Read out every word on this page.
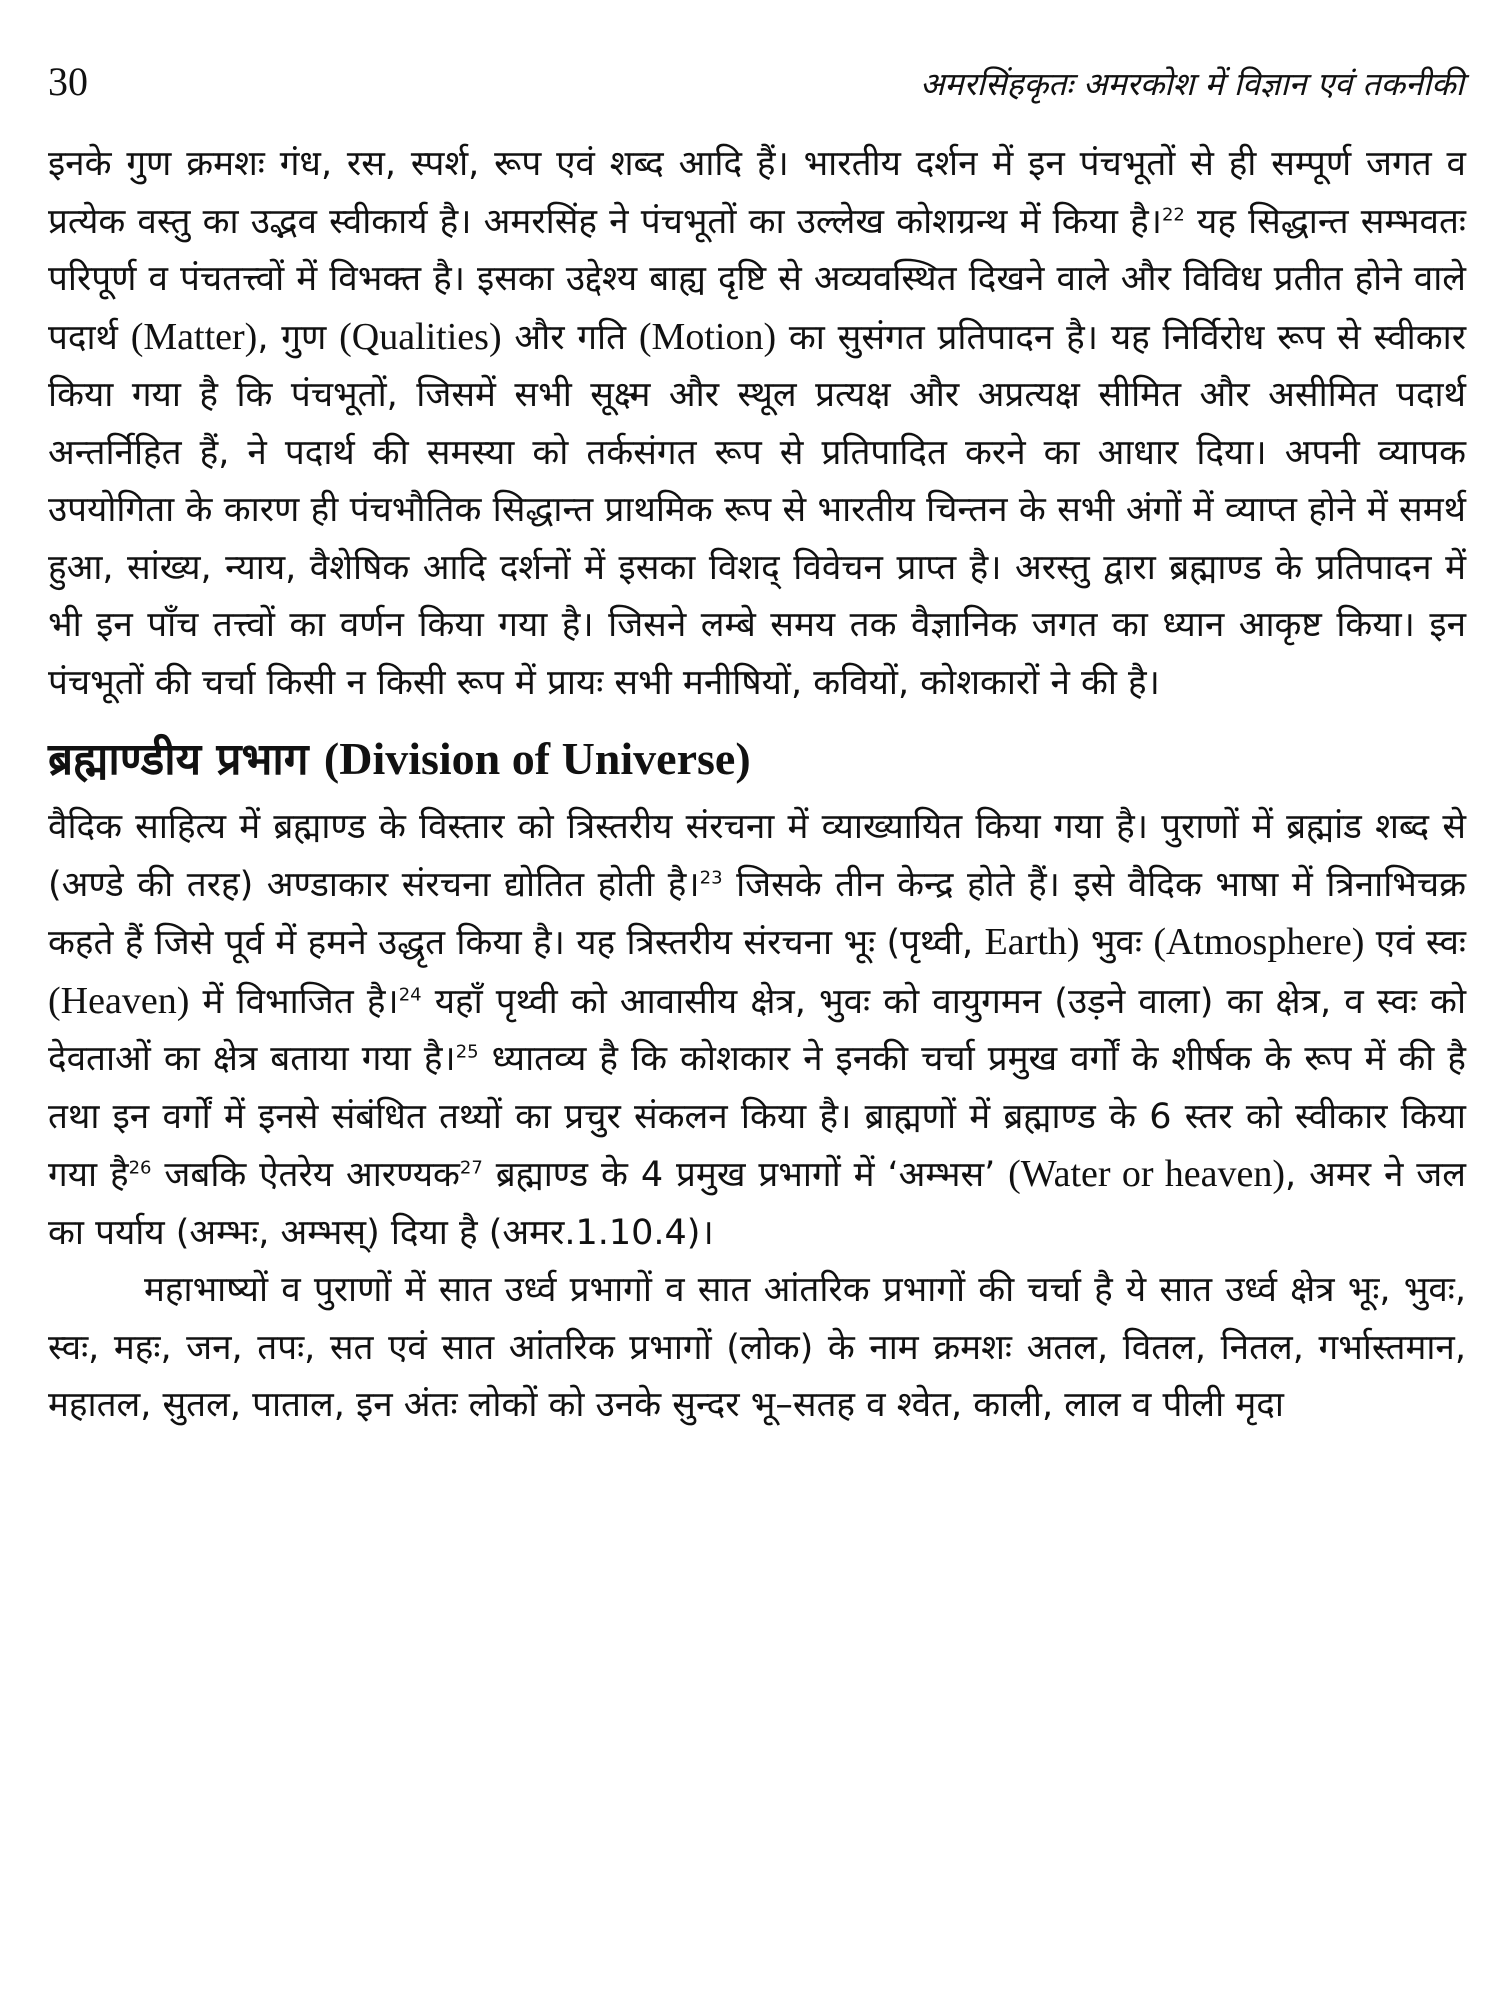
30	अमरसिंहकृतः अमरकोश में विज्ञान एवं तकनीकी

इनके गुण क्रमशः गंध, रस, स्पर्श, रूप एवं शब्द आदि हैं। भारतीय दर्शन में इन पंचभूतों से ही सम्पूर्ण जगत व प्रत्येक वस्तु का उद्भव स्वीकार्य है। अमरसिंह ने पंचभूतों का उल्लेख कोशग्रन्थ में किया है।$^{22}$ यह सिद्धान्त सम्भवतः परिपूर्ण व पंचतत्त्वों में विभक्त है। इसका उद्देश्य बाह्य दृष्टि से अव्यवस्थित दिखने वाले और विविध प्रतीत होने वाले पदार्थ (Matter), गुण (Qualities) और गति (Motion) का सुसंगत प्रतिपादन है। यह निर्विरोध रूप से स्वीकार किया गया है कि पंचभूतों, जिसमें सभी सूक्ष्म और स्थूल प्रत्यक्ष और अप्रत्यक्ष सीमित और असीमित पदार्थ अन्तर्निहित हैं, ने पदार्थ की समस्या को तर्कसंगत रूप से प्रतिपादित करने का आधार दिया। अपनी व्यापक उपयोगिता के कारण ही पंचभौतिक सिद्धान्त प्राथमिक रूप से भारतीय चिन्तन के सभी अंगों में व्याप्त होने में समर्थ हुआ, सांख्य, न्याय, वैशेषिक आदि दर्शनों में इसका विशद् विवेचन प्राप्त है। अरस्तु द्वारा ब्रह्माण्ड के प्रतिपादन में भी इन पाँच तत्त्वों का वर्णन किया गया है। जिसने लम्बे समय तक वैज्ञानिक जगत का ध्यान आकृष्ट किया। इन पंचभूतों की चर्चा किसी न किसी रूप में प्रायः सभी मनीषियों, कवियों, कोशकारों ने की है।

ब्रह्माण्डीय प्रभाग (Division of Universe)

वैदिक साहित्य में ब्रह्माण्ड के विस्तार को त्रिस्तरीय संरचना में व्याख्यायित किया गया है। पुराणों में ब्रह्मांड शब्द से (अण्डे की तरह) अण्डाकार संरचना द्योतित होती है।$^{23}$ जिसके तीन केन्द्र होते हैं। इसे वैदिक भाषा में त्रिनाभिचक्र कहते हैं जिसे पूर्व में हमने उद्धृत किया है। यह त्रिस्तरीय संरचना भूः (पृथ्वी, Earth) भुवः (Atmosphere) एवं स्वः (Heaven) में विभाजित है।$^{24}$ यहाँ पृथ्वी को आवासीय क्षेत्र, भुवः को वायुगमन (उड़ने वाला) का क्षेत्र, व स्वः को देवताओं का क्षेत्र बताया गया है।$^{25}$ ध्यातव्य है कि कोशकार ने इनकी चर्चा प्रमुख वर्गों के शीर्षक के रूप में की है तथा इन वर्गों में इनसे संबंधित तथ्यों का प्रचुर संकलन किया है। ब्राह्मणों में ब्रह्माण्ड के 6 स्तर को स्वीकार किया गया है$^{26}$ जबकि ऐतरेय आरण्यक$^{27}$ ब्रह्माण्ड के 4 प्रमुख प्रभागों में ‘अम्भस’ (Water or heaven), अमर ने जल का पर्याय (अम्भः, अम्भस्) दिया है (अमर.1.10.4)।

महाभाष्यों व पुराणों में सात उर्ध्व प्रभागों व सात आंतरिक प्रभागों की चर्चा है ये सात उर्ध्व क्षेत्र भूः, भुवः, स्वः, महः, जन, तपः, सत एवं सात आंतरिक प्रभागों (लोक) के नाम क्रमशः अतल, वितल, नितल, गर्भास्तमान, महातल, सुतल, पाताल, इन अंतः लोकों को उनके सुन्दर भू–सतह व श्वेत, काली, लाल व पीली मृदा
